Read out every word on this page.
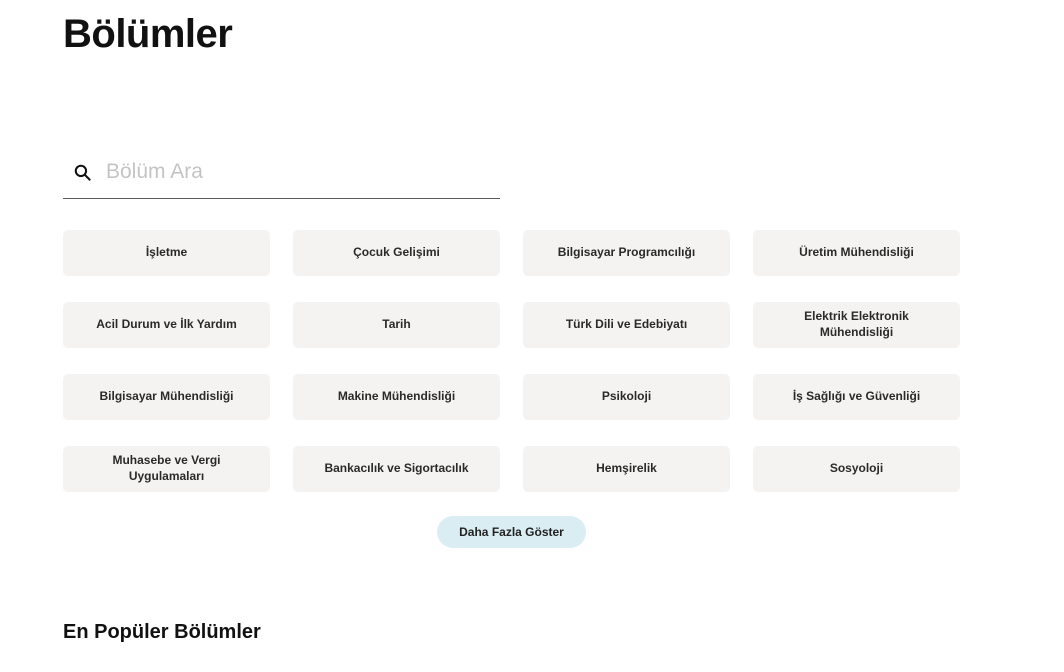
Bölümler
Bölüm Ara
İşletme	Çocuk Gelişimi	Bilgisayar Programcılığı	Üretim Mühendisliği
Acil Durum ve İlk Yardım	Tarih	Türk Dili ve Edebiyatı
Elektrik Elektronik Mühendisliği
Bilgisayar Mühendisliği	Makine Mühendisliği	Psikoloji	İş Sağlığı ve Güvenliği
Muhasebe ve Vergi Uygulamaları
Bankacılık ve Sigortacılık	Hemşirelik	Sosyoloji
Daha Fazla Göster
En Popüler Bölümler
